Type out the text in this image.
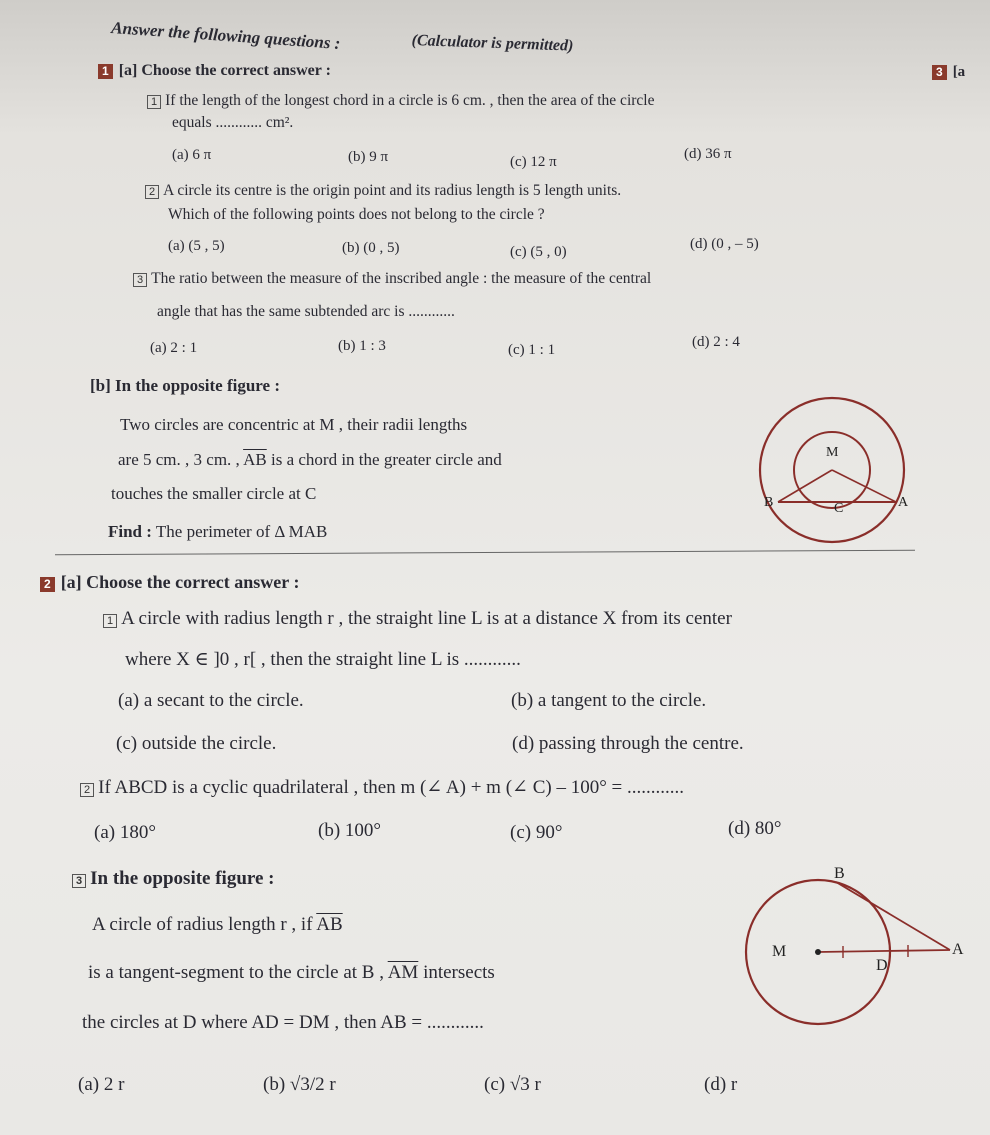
Answer the following questions :	(Calculator is permitted)
1 [a] Choose the correct answer :	3 [a
1 If the length of the longest chord in a circle is 6 cm. , then the area of the circle
equals ............ cm².
(a) 6 π	(b) 9 π	(c) 12 π	(d) 36 π
2 A circle its centre is the origin point and its radius length is 5 length units.
Which of the following points does not belong to the circle ?
(a) (5 , 5)	(b) (0 , 5)	(c) (5 , 0)	(d) (0 , – 5)
3 The ratio between the measure of the inscribed angle : the measure of the central
angle that has the same subtended arc is ............
(a) 2 : 1	(b) 1 : 3	(c) 1 : 1	(d) 2 : 4
[b] In the opposite figure :
Two circles are concentric at M , their radii lengths
are 5 cm. , 3 cm. , $\overline{AB}$ is a chord in the greater circle and
touches the smaller circle at C
Find : The perimeter of Δ MAB
M
B	C	A
2 [a] Choose the correct answer :
1 A circle with radius length r , the straight line L is at a distance X from its center
where X ∈ ]0 , r[ , then the straight line L is ............
(a) a secant to the circle.	(b) a tangent to the circle.
(c) outside the circle.	(d) passing through the centre.
2 If ABCD is a cyclic quadrilateral , then m (∠ A) + m (∠ C) – 100° = ............
(a) 180°	(b) 100°	(c) 90°	(d) 80°
3 In the opposite figure :
A circle of radius length r , if $\overline{AB}$
is a tangent-segment to the circle at B , $\overline{AM}$ intersects
the circles at D where AD = DM , then AB = ............
(a) 2 r	(b) √3/2 r	(c) √3 r	(d) r
B
M
D
A
